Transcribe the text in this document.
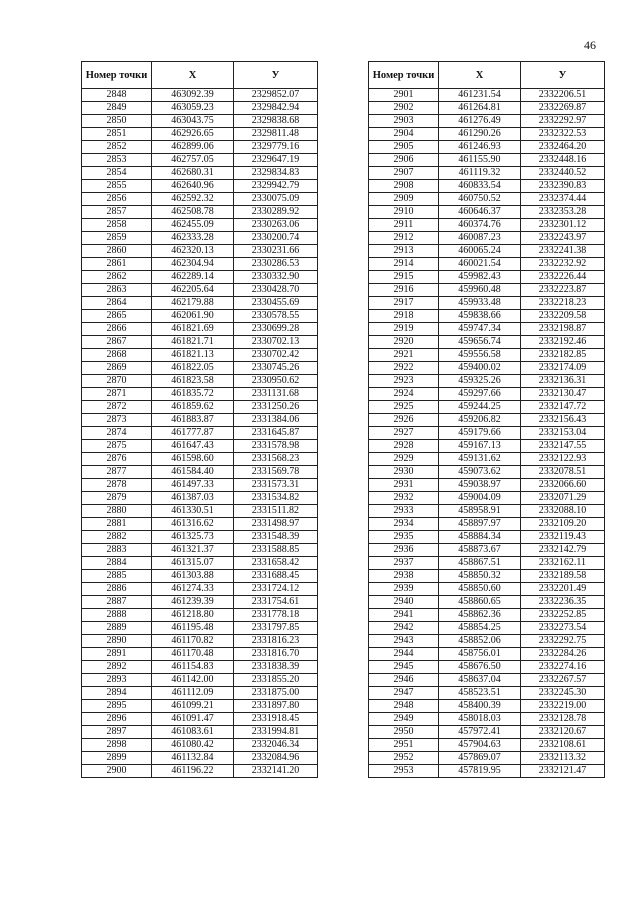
46
Номер точки	X	У
2848	463092.39	2329852.07
2849	463059.23	2329842.94
2850	463043.75	2329838.68
2851	462926.65	2329811.48
2852	462899.06	2329779.16
2853	462757.05	2329647.19
2854	462680.31	2329834.83
2855	462640.96	2329942.79
2856	462592.32	2330075.09
2857	462508.78	2330289.92
2858	462455.09	2330263.06
2859	462333.28	2330200.74
2860	462320.13	2330231.66
2861	462304.94	2330286.53
2862	462289.14	2330332.90
2863	462205.64	2330428.70
2864	462179.88	2330455.69
2865	462061.90	2330578.55
2866	461821.69	2330699.28
2867	461821.71	2330702.13
2868	461821.13	2330702.42
2869	461822.05	2330745.26
2870	461823.58	2330950.62
2871	461835.72	2331131.68
2872	461859.62	2331250.26
2873	461883.87	2331384.06
2874	461777.87	2331645.87
2875	461647.43	2331578.98
2876	461598.60	2331568.23
2877	461584.40	2331569.78
2878	461497.33	2331573.31
2879	461387.03	2331534.82
2880	461330.51	2331511.82
2881	461316.62	2331498.97
2882	461325.73	2331548.39
2883	461321.37	2331588.85
2884	461315.07	2331658.42
2885	461303.88	2331688.45
2886	461274.33	2331724.12
2887	461239.39	2331754.61
2888	461218.80	2331778.18
2889	461195.48	2331797.85
2890	461170.82	2331816.23
2891	461170.48	2331816.70
2892	461154.83	2331838.39
2893	461142.00	2331855.20
2894	461112.09	2331875.00
2895	461099.21	2331897.80
2896	461091.47	2331918.45
2897	461083.61	2331994.81
2898	461080.42	2332046.34
2899	461132.84	2332084.96
2900	461196.22	2332141.20
Номер точки	X	У
2901	461231.54	2332206.51
2902	461264.81	2332269.87
2903	461276.49	2332292.97
2904	461290.26	2332322.53
2905	461246.93	2332464.20
2906	461155.90	2332448.16
2907	461119.32	2332440.52
2908	460833.54	2332390.83
2909	460750.52	2332374.44
2910	460646.37	2332353.28
2911	460374.76	2332301.12
2912	460087.23	2332243.97
2913	460065.24	2332241.38
2914	460021.54	2332232.92
2915	459982.43	2332226.44
2916	459960.48	2332223.87
2917	459933.48	2332218.23
2918	459838.66	2332209.58
2919	459747.34	2332198.87
2920	459656.74	2332192.46
2921	459556.58	2332182.85
2922	459400.02	2332174.09
2923	459325.26	2332136.31
2924	459297.66	2332130.47
2925	459244.25	2332147.72
2926	459206.82	2332156.43
2927	459179.66	2332153.04
2928	459167.13	2332147.55
2929	459131.62	2332122.93
2930	459073.62	2332078.51
2931	459038.97	2332066.60
2932	459004.09	2332071.29
2933	458958.91	2332088.10
2934	458897.97	2332109.20
2935	458884.34	2332119.43
2936	458873.67	2332142.79
2937	458867.51	2332162.11
2938	458850.32	2332189.58
2939	458850.60	2332201.49
2940	458860.65	2332236.35
2941	458862.36	2332252.85
2942	458854.25	2332273.54
2943	458852.06	2332292.75
2944	458756.01	2332284.26
2945	458676.50	2332274.16
2946	458637.04	2332267.57
2947	458523.51	2332245.30
2948	458400.39	2332219.00
2949	458018.03	2332128.78
2950	457972.41	2332120.67
2951	457904.63	2332108.61
2952	457869.07	2332113.32
2953	457819.95	2332121.47
